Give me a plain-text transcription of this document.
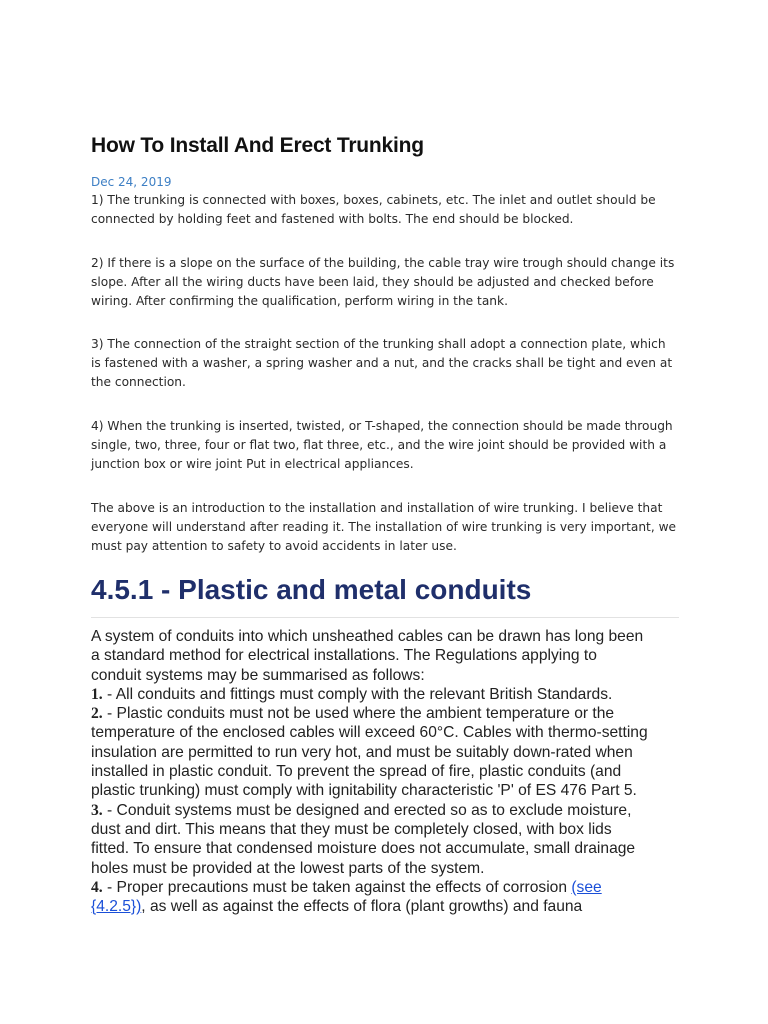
How To Install And Erect Trunking
Dec 24, 2019
1) The trunking is connected with boxes, boxes, cabinets, etc. The inlet and outlet should be connected by holding feet and fastened with bolts. The end should be blocked.
2) If there is a slope on the surface of the building, the cable tray wire trough should change its slope. After all the wiring ducts have been laid, they should be adjusted and checked before wiring. After confirming the qualification, perform wiring in the tank.
3) The connection of the straight section of the trunking shall adopt a connection plate, which is fastened with a washer, a spring washer and a nut, and the cracks shall be tight and even at the connection.
4) When the trunking is inserted, twisted, or T-shaped, the connection should be made through single, two, three, four or flat two, flat three, etc., and the wire joint should be provided with a junction box or wire joint Put in electrical appliances.
The above is an introduction to the installation and installation of wire trunking. I believe that everyone will understand after reading it. The installation of wire trunking is very important, we must pay attention to safety to avoid accidents in later use.
4.5.1 - Plastic and metal conduits
A system of conduits into which unsheathed cables can be drawn has long been a standard method for electrical installations. The Regulations applying to conduit systems may be summarised as follows:
1. - All conduits and fittings must comply with the relevant British Standards.
2. - Plastic conduits must not be used where the ambient temperature or the temperature of the enclosed cables will exceed 60°C. Cables with thermo-setting insulation are permitted to run very hot, and must be suitably down-rated when installed in plastic conduit. To prevent the spread of fire, plastic conduits (and plastic trunking) must comply with ignitability characteristic 'P' of ES 476 Part 5.
3. - Conduit systems must be designed and erected so as to exclude moisture, dust and dirt. This means that they must be completely closed, with box lids fitted. To ensure that condensed moisture does not accumulate, small drainage holes must be provided at the lowest parts of the system.
4. - Proper precautions must be taken against the effects of corrosion (see {4.2.5}), as well as against the effects of flora (plant growths) and fauna
